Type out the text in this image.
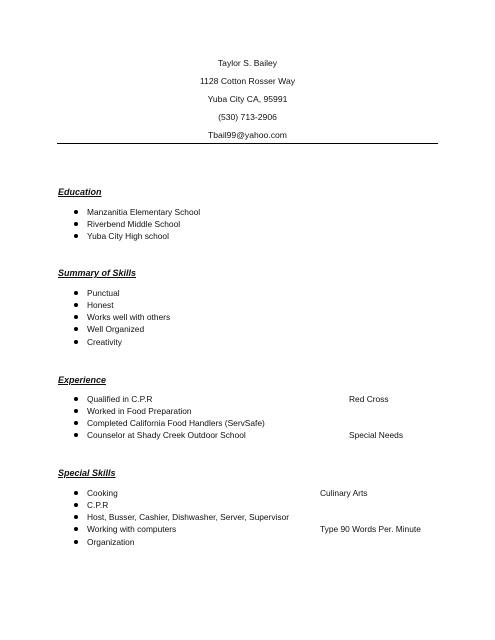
Taylor S. Bailey
1128 Cotton Rosser Way
Yuba City CA, 95991
(530) 713-2906
Tbail99@yahoo.com
Education
Manzanitia Elementary School
Riverbend Middle School
Yuba City High school
Summary of Skills
Punctual
Honest
Works well with others
Well Organized
Creativity
Experience
Qualified in C.P.R	Red Cross
Worked in Food Preparation
Completed California Food Handlers (ServSafe)
Counselor at Shady Creek Outdoor School	Special Needs
Special Skills
Cooking	Culinary Arts
C.P.R
Host, Busser, Cashier, Dishwasher, Server, Supervisor
Working with computers	Type 90 Words Per. Minute
Organization
